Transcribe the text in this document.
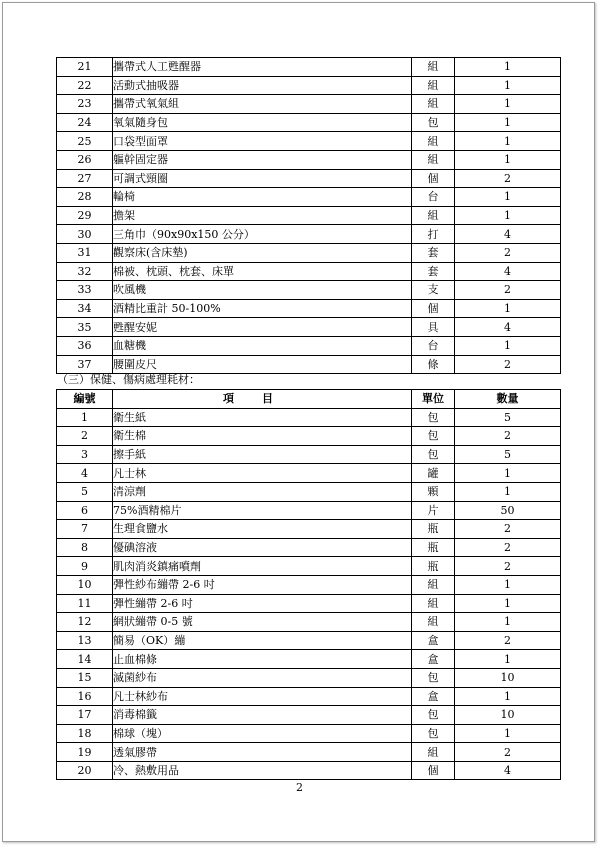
21	攜帶式人工甦醒器	組	1
22	活動式抽吸器	組	1
23	攜帶式氧氣組	組	1
24	氧氣隨身包	包	1
25	口袋型面罩	組	1
26	軀幹固定器	組	1
27	可調式頸圈	個	2
28	輪椅	台	1
29	擔架	組	1
30	三角巾（90x90x150 公分）	打	4
31	觀察床(含床墊)	套	2
32	棉被、枕頭、枕套、床單	套	4
33	吹風機	支	2
34	酒精比重計 50-100%	個	1
35	甦醒安妮	具	4
36	血糖機	台	1
37	腰圍皮尺	條	2
（三）保健、傷病處理耗材：
編號	項目	單位	數量
1	衛生紙	包	5
2	衛生棉	包	2
3	擦手紙	包	5
4	凡士林	罐	1
5	清涼劑	顆	1
6	75%酒精棉片	片	50
7	生理食鹽水	瓶	2
8	優碘溶液	瓶	2
9	肌肉消炎鎮痛噴劑	瓶	2
10	彈性紗布繃帶 2-6 吋	組	1
11	彈性繃帶 2-6 吋	組	1
12	網狀繃帶 0-5 號	組	1
13	簡易（OK）繃	盒	2
14	止血棉條	盒	1
15	滅菌紗布	包	10
16	凡士林紗布	盒	1
17	消毒棉籤	包	10
18	棉球（塊）	包	1
19	透氣膠帶	組	2
20	冷、熱敷用品	個	4
2
